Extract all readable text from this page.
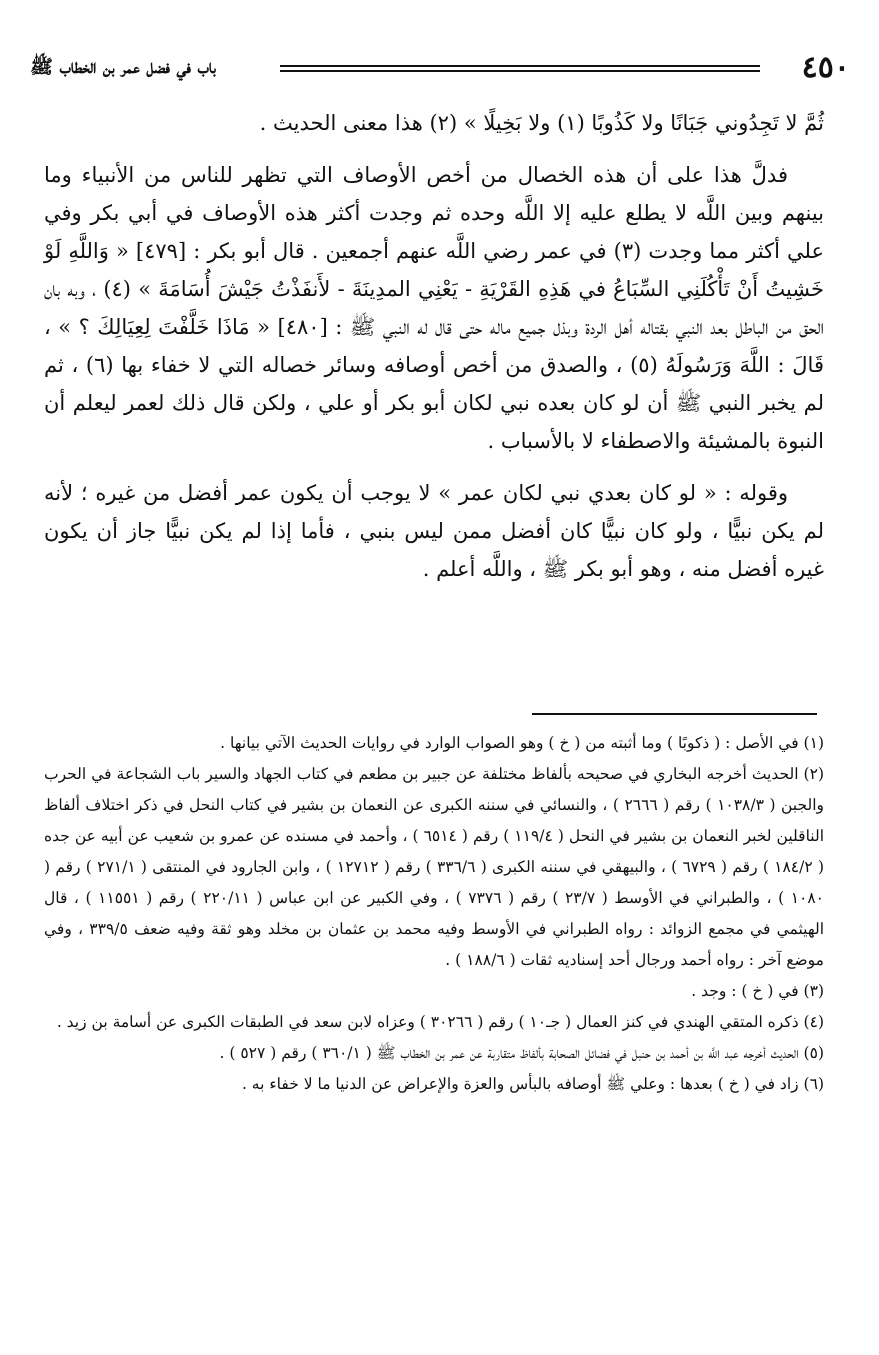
٤٥٠
باب في فضل عمر بن الخطاب ﷺ

ثُمَّ لا تَجِدُوني جَبَانًا ولا كَذُوبًا (١) ولا بَخِيلًا » (٢) هذا معنى الحديث .

فدلَّ هذا على أن هذه الخصال من أخص الأوصاف التي تظهر للناس من الأنبياء وما بينهم وبين اللَّه لا يطلع عليه إلا اللَّه وحده ثم وجدت أكثر هذه الأوصاف في أبي بكر وفي علي أكثر مما وجدت (٣) في عمر رضي اللَّه عنهم أجمعين . قال أبو بكر : [٤٧٩] « وَاللَّهِ لَوْ خَشِيتُ أَنْ تَأْكُلَنِي السِّبَاعُ في هَذِهِ القَرْيَةِ - يَعْنِي المدِينَةَ - لأَنفَذْتُ جَيْشَ أُسَامَةَ » (٤) ، وبه بان الحق من الباطل بعد النبي بقتاله أهل الردة وبذل جميع ماله حتى قال له النبي ﷺ : [٤٨٠] « مَاذَا خَلَّفْتَ لِعِيَالِكَ ؟ » ، قَالَ : اللَّهَ وَرَسُولَهُ (٥) ، والصدق من أخص أوصافه وسائر خصاله التي لا خفاء بها (٦) ، ثم لم يخبر النبي ﷺ أن لو كان بعده نبي لكان أبو بكر أو علي ، ولكن قال ذلك لعمر ليعلم أن النبوة بالمشيئة والاصطفاء لا بالأسباب .

وقوله : « لو كان بعدي نبي لكان عمر » لا يوجب أن يكون عمر أفضل من غيره ؛ لأنه لم يكن نبيًّا ، ولو كان نبيًّا كان أفضل ممن ليس بنبي ، فأما إذا لم يكن نبيًّا جاز أن يكون غيره أفضل منه ، وهو أبو بكر ﷺ ، واللَّه أعلم .

(١) في الأصل : ( ذكوبًا ) وما أثبته من ( خ ) وهو الصواب الوارد في روايات الحديث الآتي بيانها .

(٢) الحديث أخرجه البخاري في صحيحه بألفاظ مختلفة عن جبير بن مطعم في كتاب الجهاد والسير باب الشجاعة في الحرب والجبن ( ١٠٣٨/٣ ) رقم ( ٢٦٦٦ ) ، والنسائي في سننه الكبرى عن النعمان بن بشير في كتاب النحل في ذكر اختلاف ألفاظ الناقلين لخبر النعمان بن بشير في النحل ( ١١٩/٤ ) رقم ( ٦٥١٤ ) ، وأحمد في مسنده عن عمرو بن شعيب عن أبيه عن جده ( ١٨٤/٢ ) رقم ( ٦٧٢٩ ) ، والبيهقي في سننه الكبرى ( ٣٣٦/٦ ) رقم ( ١٢٧١٢ ) ، وابن الجارود في المنتقى ( ٢٧١/١ ) رقم ( ١٠٨٠ ) ، والطبراني في الأوسط ( ٢٣/٧ ) رقم ( ٧٣٧٦ ) ، وفي الكبير عن ابن عباس ( ٢٢٠/١١ ) رقم ( ١١٥٥١ ) ، قال الهيثمي في مجمع الزوائد : رواه الطبراني في الأوسط وفيه محمد بن عثمان بن مخلد وهو ثقة وفيه ضعف ٣٣٩/٥ ، وفي موضع آخر : رواه أحمد ورجال أحد إسناديه ثقات ( ١٨٨/٦ ) .

(٣) في ( خ ) : وجد .

(٤) ذكره المتقي الهندي في كنز العمال ( جـ١٠ ) رقم ( ٣٠٢٦٦ ) وعزاه لابن سعد في الطبقات الكبرى عن أسامة بن زيد .

(٥) الحديث أخرجه عبد اللَّه بن أحمد بن حنبل في فضائل الصحابة بألفاظ متقاربة عن عمر بن الخطاب ﷺ ( ٣٦٠/١ ) رقم ( ٥٢٧ ) .

(٦) زاد في ( خ ) بعدها : وعلي ﷺ أوصافه بالبأس والعزة والإعراض عن الدنيا ما لا خفاء به .
